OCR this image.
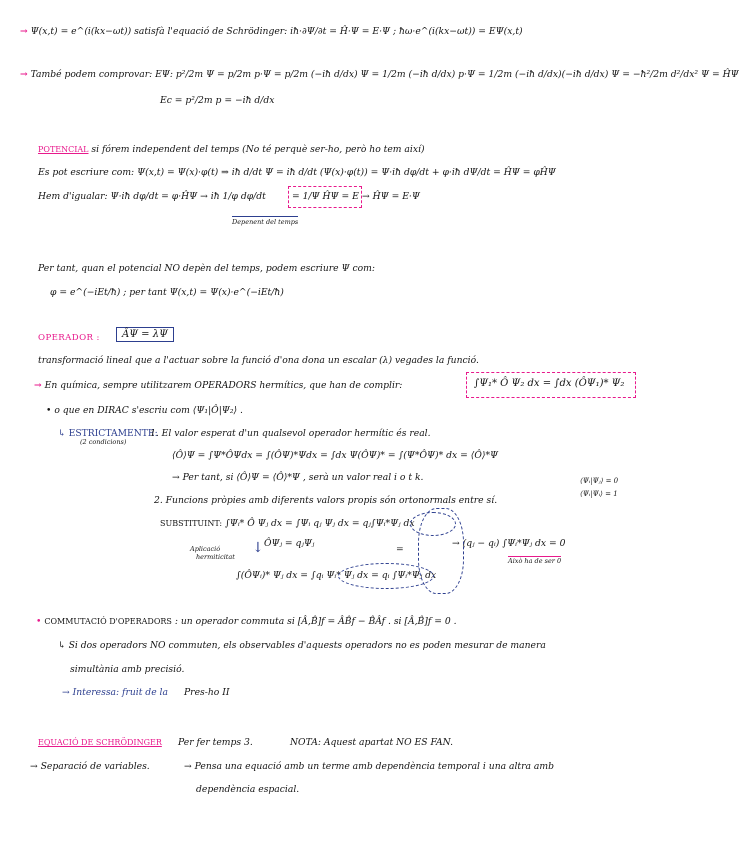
→ Ψ(x,t) = e^(i(kx−ωt)) satisfà l'equació de Schrödinger: iħ·∂Ψ/∂t = Ĥ·Ψ = E·Ψ ; ħω·e^(i(kx−ωt)) = EΨ(x,t)
→ També podem comprovar: EΨ: p²/2m Ψ = p/2m p·Ψ = p/2m (−iħ d/dx) Ψ = 1/2m (−iħ d/dx) p·Ψ = 1/2m (−iħ d/dx)(−iħ d/dx) Ψ = −ħ²/2m d²/dx² Ψ = ĤΨ
Ec = p²/2m p = −iħ d/dx
POTENCIAL si fórem independent del temps (No té perquè ser-ho, però ho tem així)
Es pot escriure com: Ψ(x,t) = Ψ(x)·φ(t) ⇒ iħ d/dt Ψ = iħ d/dt (Ψ(x)·φ(t)) = Ψ·iħ dφ/dt + φ·iħ dΨ/dt = ĤΨ = φĤΨ
Hem d'igualar: Ψ·iħ dφ/dt = φ·ĤΨ → iħ 1/φ dφ/dt	= 1/Ψ ĤΨ = E → ĤΨ = E·Ψ
Depenent del temps
Per tant, quan el potencial NO depèn del temps, podem escriure Ψ com:
φ = e^(−iEt/ħ) ; per tant Ψ(x,t) = Ψ(x)·e^(−iEt/ħ)
OPERADOR :	ÂΨ = λΨ
transformació lineal que a l'actuar sobre la funció d'ona dona un escalar (λ) vegades la funció.
→ En química, sempre utilitzarem OPERADORS hermítics, que han de complir:	∫Ψ₁* Ô Ψ₂ dx = ∫dx (ÔΨ₁)* Ψ₂
• o que en DIRAC s'escriu com ⟨Ψ₁|Ô|Ψ₂⟩ .
↳ ESTRICTAMENTE:
(2 condicions)
1. El valor esperat d'un qualsevol operador hermític és real.
⟨Ô⟩Ψ = ∫Ψ*ÔΨdx = ∫(ÔΨ)*Ψdx = ∫dx Ψ(ÔΨ)* = ∫(Ψ*ÔΨ)* dx = ⟨Ô⟩*Ψ
→ Per tant, si ⟨Ô⟩Ψ = ⟨Ô⟩*Ψ , serà un valor real i o t k.	⟨Ψᵢ|Ψⱼ⟩ = 0
2. Funcions pròpies amb diferents valors propis són ortonormals entre sí.
⟨Ψᵢ|Ψᵢ⟩ = 1
SUBSTITUINT: ∫Ψᵢ* Ô Ψⱼ dx = ∫Ψᵢ qⱼ Ψⱼ dx = qⱼ∫Ψᵢ*Ψⱼ dx
ÔΨⱼ = qⱼΨⱼ
Aplicació
hermiticitat
↓	=
→ (qⱼ − qᵢ) ∫Ψᵢ*Ψⱼ dx = 0
Això ha de ser 0
∫(ÔΨᵢ)* Ψⱼ dx = ∫qᵢ Ψᵢ* Ψⱼ dx = qᵢ ∫Ψᵢ*Ψⱼ dx
• COMMUTACIÓ D'OPERADORS : un operador commuta si [Â,B̂]f = ÂB̂f − B̂Âf . si [Â,B̂]f = 0 .
↳ Si dos operadors NO commuten, els observables d'aquests operadors no es poden mesurar de manera
simultània amb precisió.
→ Interessa: fruit de la Pres-ho II
EQUACIÓ DE SCHRÖDINGER Per fer temps 3.	NOTA: Aquest apartat NO ES FAN.
→ Separació de variables.	→ Pensa una equació amb un terme amb dependència temporal i una altra amb
dependència espacial.
